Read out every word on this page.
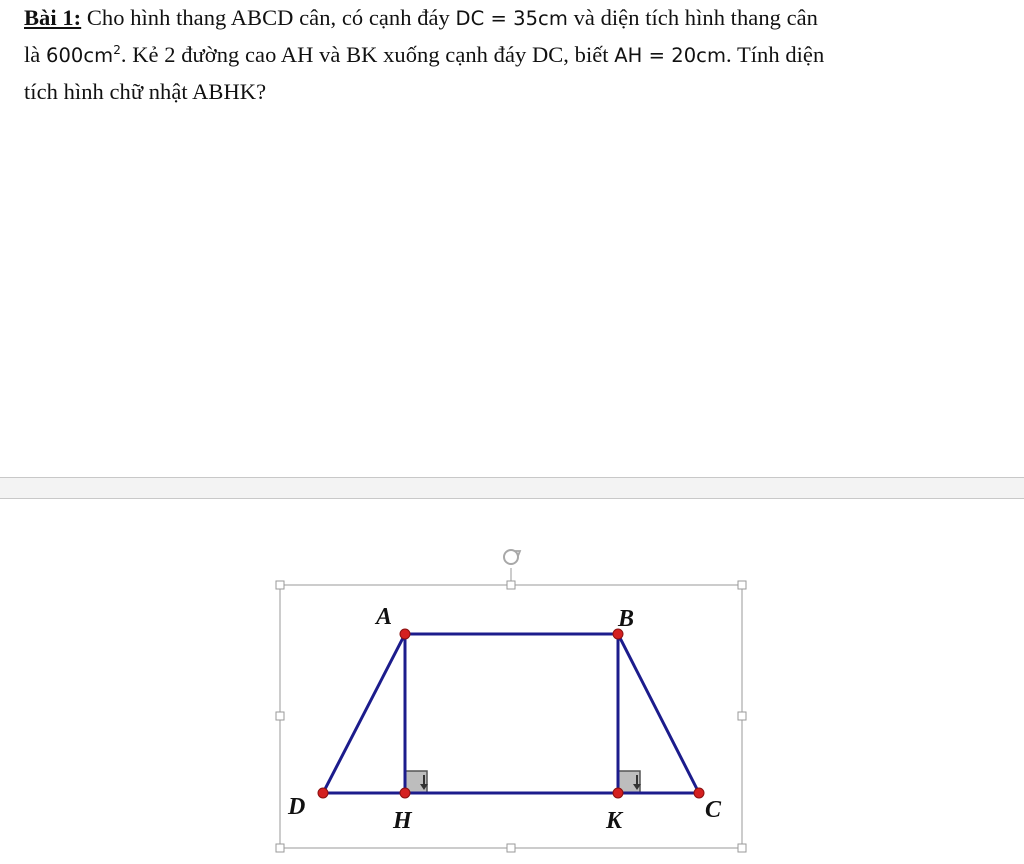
Bài 1: Cho hình thang ABCD cân, có cạnh đáy DC = 35cm và diện tích hình thang cân
là $600cm^2$. Kẻ 2 đường cao AH và BK xuống cạnh đáy DC, biết AH = 20cm. Tính diện
tích hình chữ nhật ABHK?
A	B
C
D
H	K
